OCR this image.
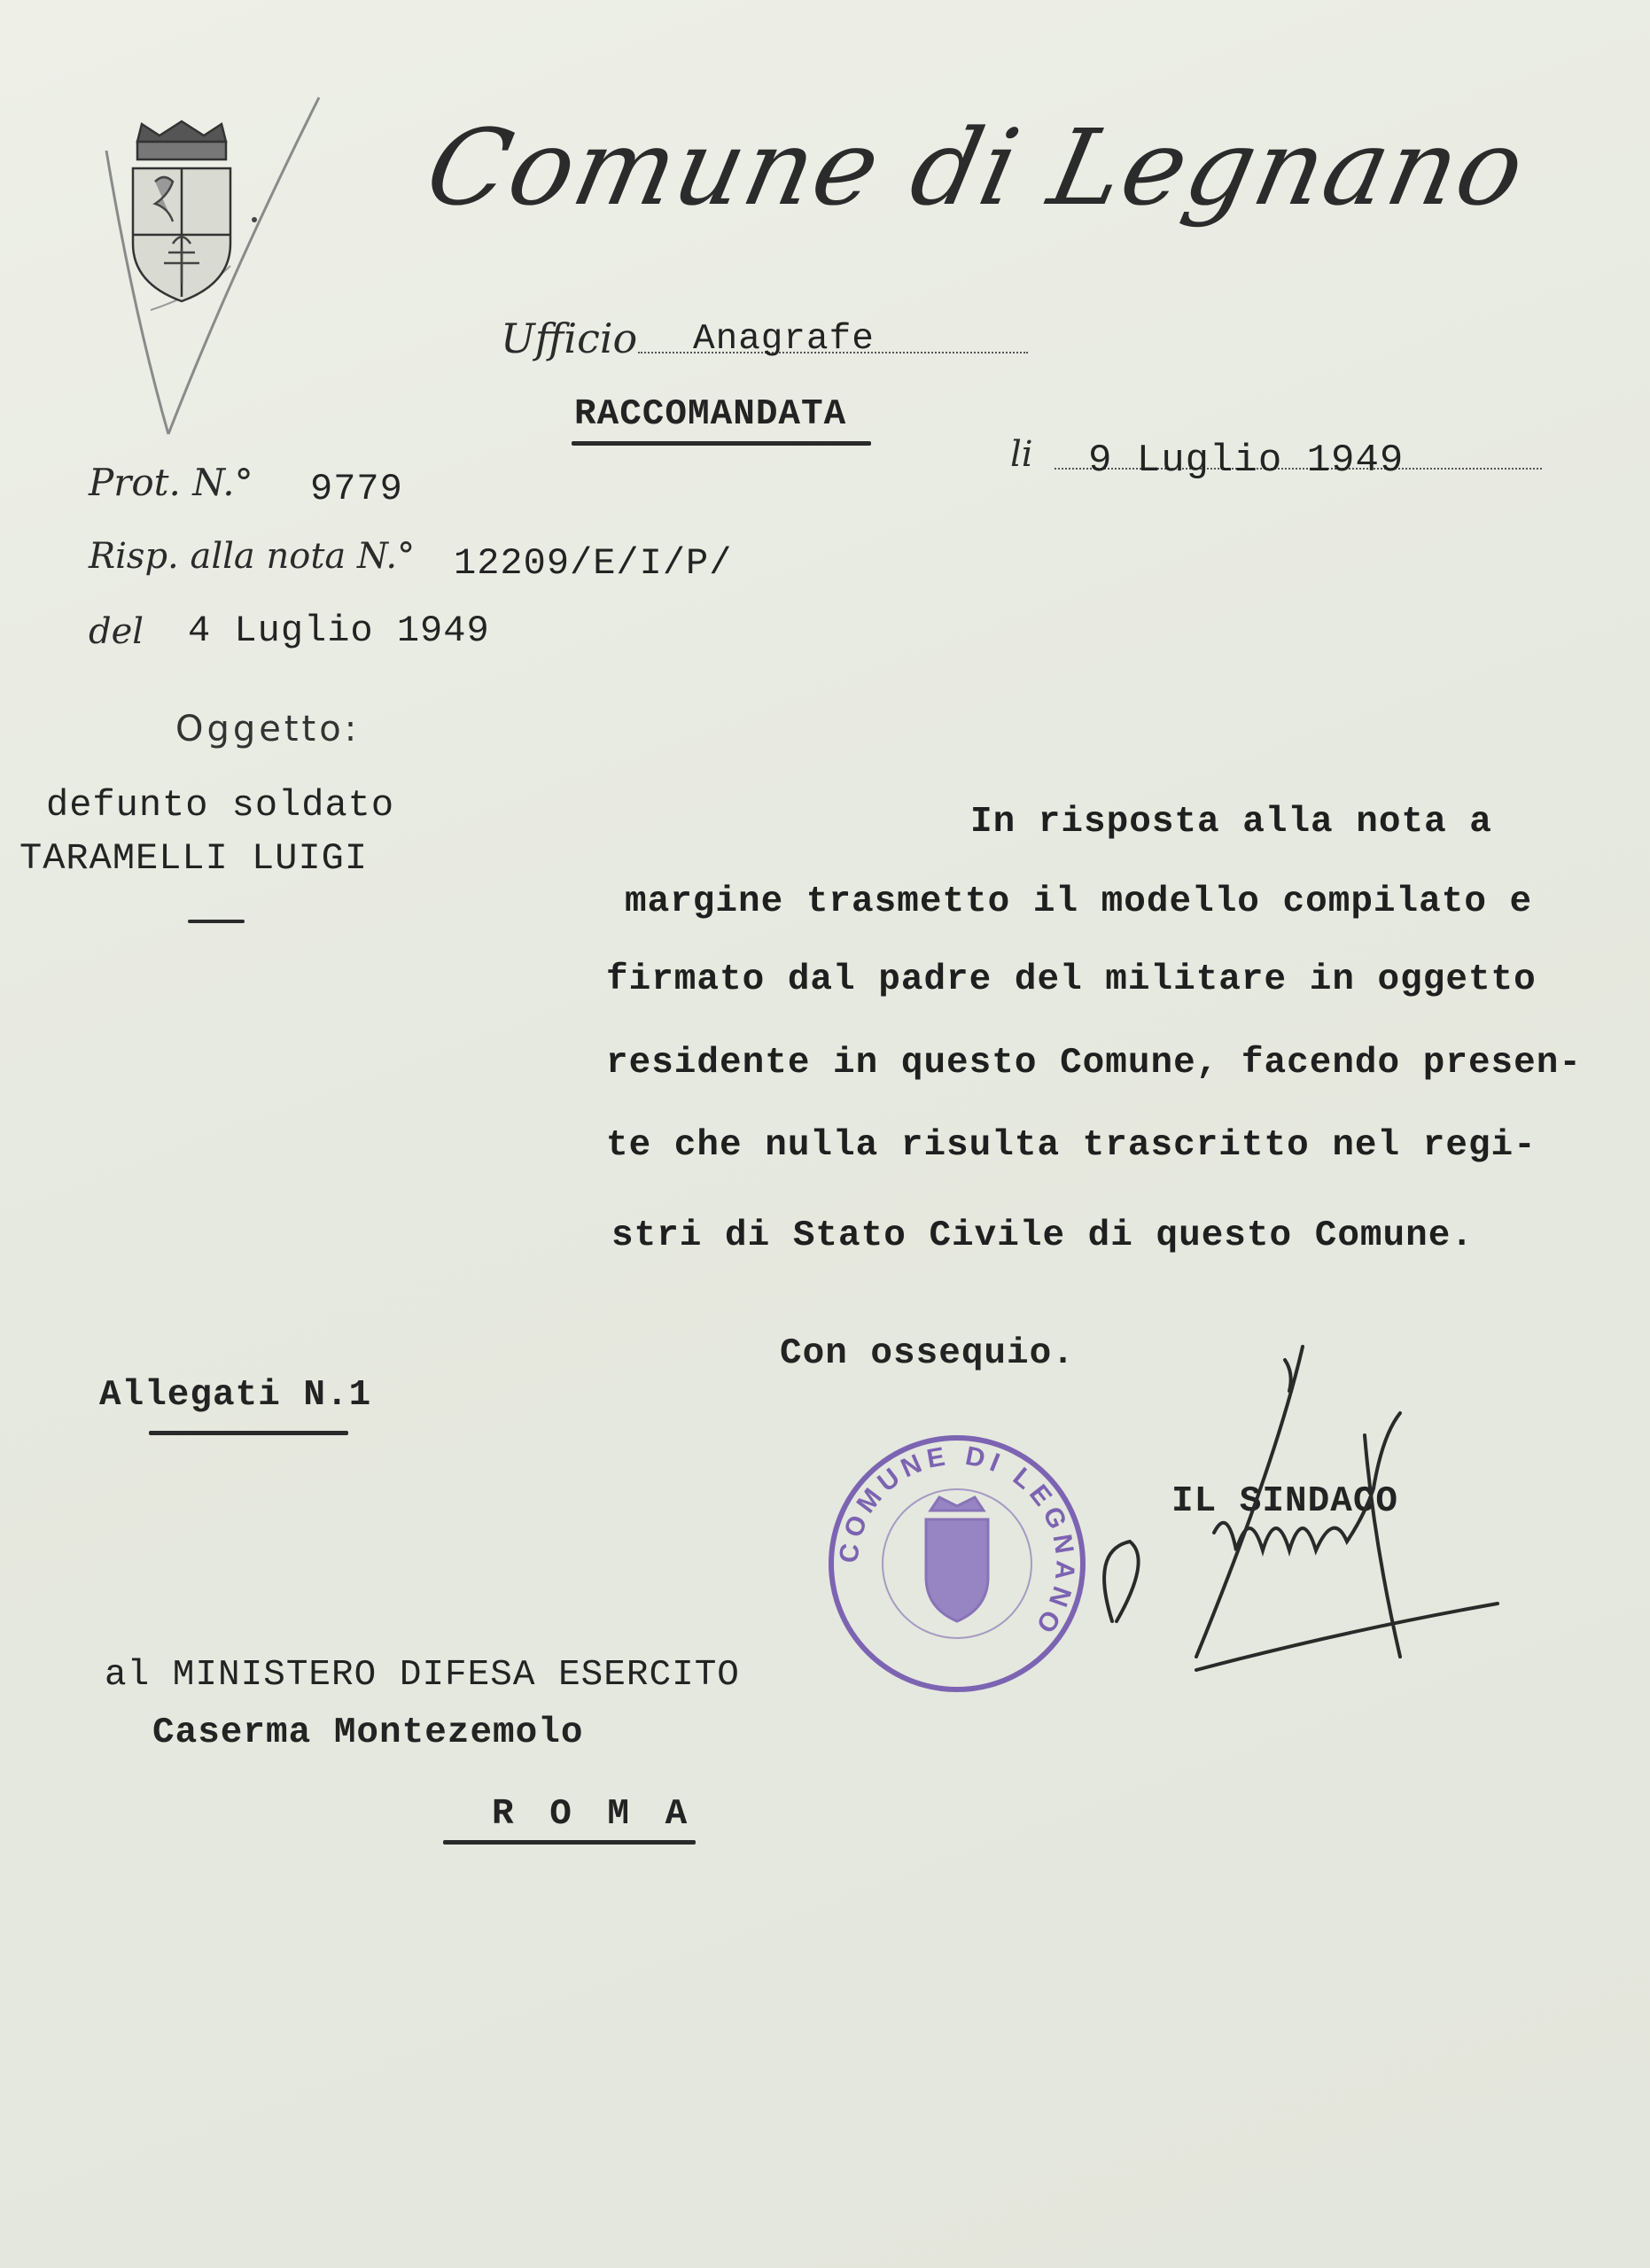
Comune di Legnano
Ufficio Anagrafe
RACCOMANDATA
li 9 Luglio 1949
Prot. N.° 9779
Risp. alla nota N.° 12209/E/I/P/
del 4 Luglio 1949
Oggetto:
defunto soldato
TARAMELLI LUIGI
In risposta alla nota a
margine trasmetto il modello compilato e
firmato dal padre del militare in oggetto
residente in questo Comune, facendo presen-
te che nulla risulta trascritto nel regi-
stri di Stato Civile di questo Comune.
Con ossequio.
Allegati N.1
COMUNE DI LEGNANO
IL SINDACO
al MINISTERO DIFESA ESERCITO
Caserma Montezemolo
R O M A
